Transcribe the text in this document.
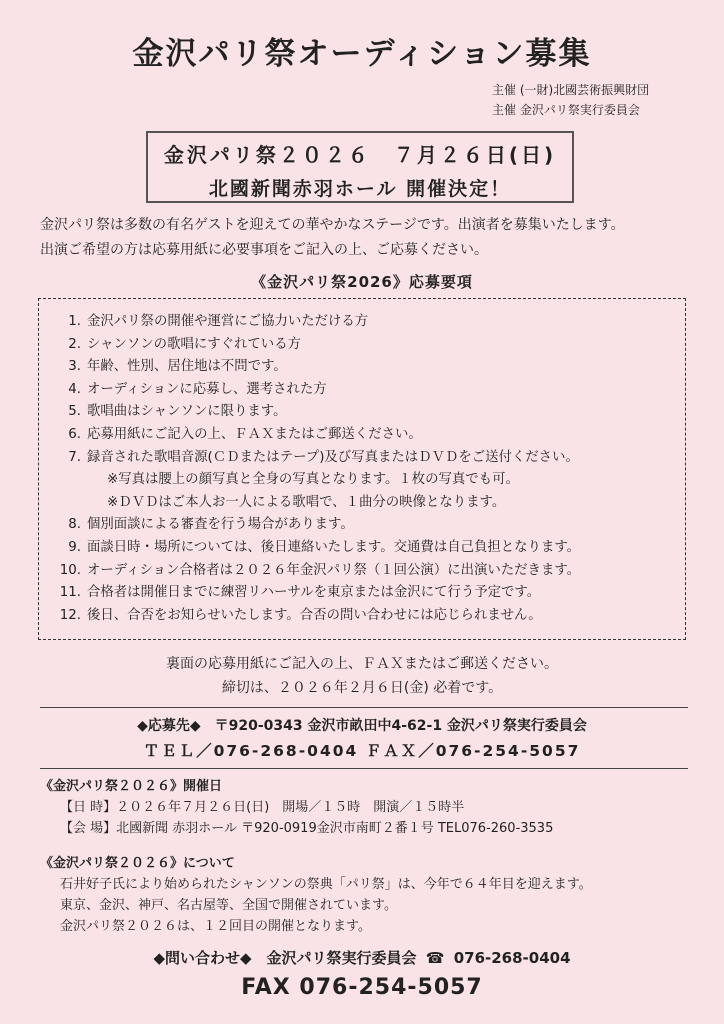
金沢パリ祭オーディション募集
主催 (一財)北國芸術振興財団
主催 金沢パリ祭実行委員会
金沢パリ祭２０２６　７月２６日(日)
北國新聞赤羽ホール 開催決定！
金沢パリ祭は多数の有名ゲストを迎えての華やかなステージです。出演者を募集いたします。
出演ご希望の方は応募用紙に必要事項をご記入の上、ご応募ください。
《金沢パリ祭2026》応募要項
1. 金沢パリ祭の開催や運営にご協力いただける方
2. シャンソンの歌唱にすぐれている方
3. 年齢、性別、居住地は不問です。
4. オーディションに応募し、選考された方
5. 歌唱曲はシャンソンに限ります。
6. 応募用紙にご記入の上、ＦＡＸまたはご郵送ください。
7. 録音された歌唱音源(ＣＤまたはテープ)及び写真またはＤＶＤをご送付ください。
※写真は腰上の顔写真と全身の写真となります。１枚の写真でも可。
※ＤＶＤはご本人お一人による歌唱で、１曲分の映像となります。
8. 個別面談による審査を行う場合があります。
9. 面談日時・場所については、後日連絡いたします。交通費は自己負担となります。
10. オーディション合格者は２０２６年金沢パリ祭（１回公演）に出演いただきます。
11. 合格者は開催日までに練習リハーサルを東京または金沢にて行う予定です。
12. 後日、合否をお知らせいたします。合否の問い合わせには応じられません。
裏面の応募用紙にご記入の上、ＦＡＸまたはご郵送ください。
締切は、２０２６年２月６日(金) 必着です。
◆応募先◆　〒920-0343 金沢市畝田中4-62-1 金沢パリ祭実行委員会
ＴＥＬ／076-268-0404 ＦＡＸ／076-254-5057
《金沢パリ祭２０２６》開催日
【日 時】２０２６年７月２６日(日)　開場／１５時　開演／１５時半
【会 場】北國新聞 赤羽ホール 〒920-0919金沢市南町２番１号 TEL076-260-3535
《金沢パリ祭２０２６》について
石井好子氏により始められたシャンソンの祭典「パリ祭」は、今年で６４年目を迎えます。
東京、金沢、神戸、名古屋等、全国で開催されています。
金沢パリ祭２０２６は、１２回目の開催となります。
◆問い合わせ◆　金沢パリ祭実行委員会 ☎ 076-268-0404
FAX 076-254-5057
